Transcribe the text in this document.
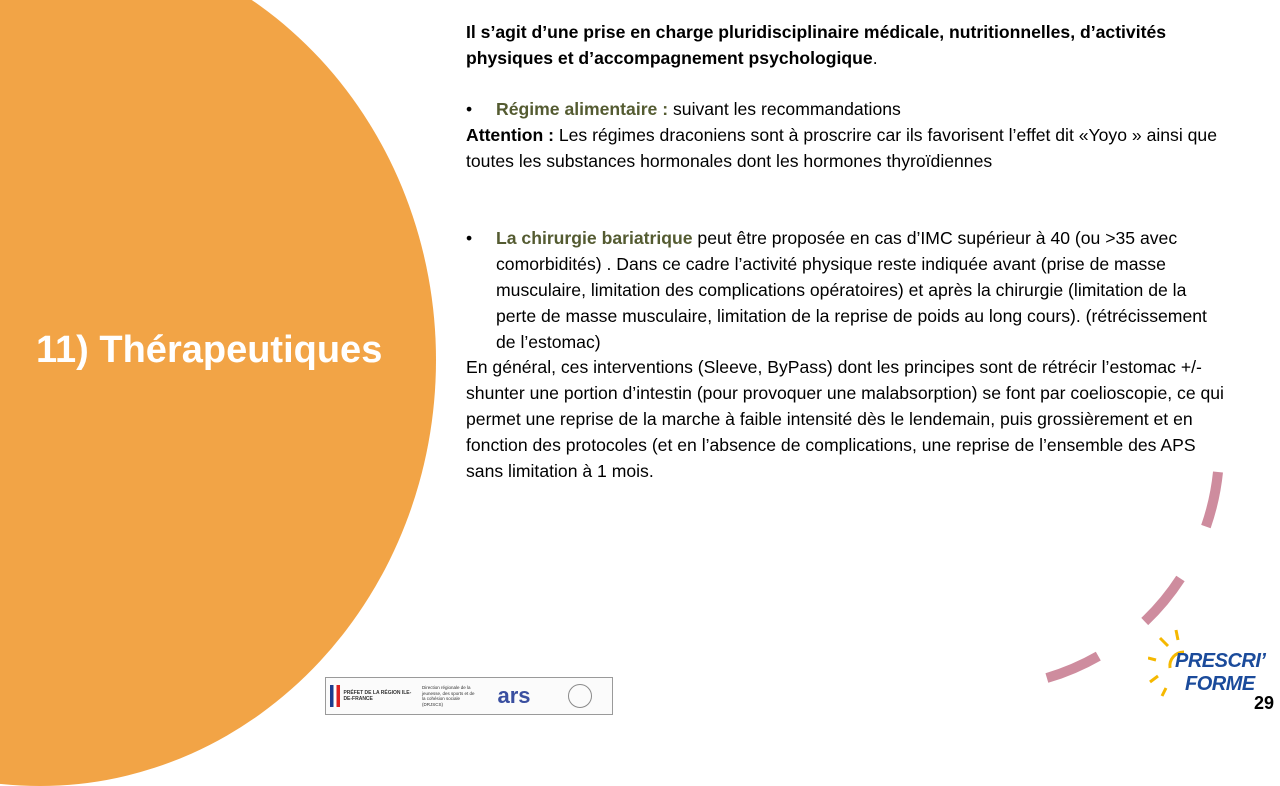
11) Thérapeutiques

Il s’agit d’une prise en charge pluridisciplinaire médicale, nutritionnelles, d’activités physiques et d’accompagnement psychologique.

• Régime alimentaire : suivant les recommandations

Attention : Les régimes draconiens sont à proscrire car ils favorisent l’effet dit «Yoyo » ainsi que toutes les substances hormonales dont les hormones thyroïdiennes

• La chirurgie bariatrique peut être proposée en cas d’IMC supérieur à 40 (ou >35 avec comorbidités) . Dans ce cadre l’activité physique reste indiquée avant (prise de masse musculaire, limitation des complications opératoires) et après la chirurgie (limitation de la perte de masse musculaire, limitation de la reprise de poids au long cours). (rétrécissement de l’estomac)

En général, ces interventions (Sleeve, ByPass) dont les principes sont de rétrécir l’estomac +/- shunter une portion d’intestin (pour provoquer une malabsorption) se font par coelioscopie, ce qui permet une reprise de la marche à faible intensité dès le lendemain, puis grossièrement et en fonction des protocoles (et en l’absence de complications, une reprise de l’ensemble des APS sans limitation à 1 mois.

PRÉFET DE LA RÉGION ILE-DE-FRANCE
Direction régionale de la jeunesse, des sports et de la cohésion sociale (DRJSCS)	ars
PRESCRI’
FORME
29
